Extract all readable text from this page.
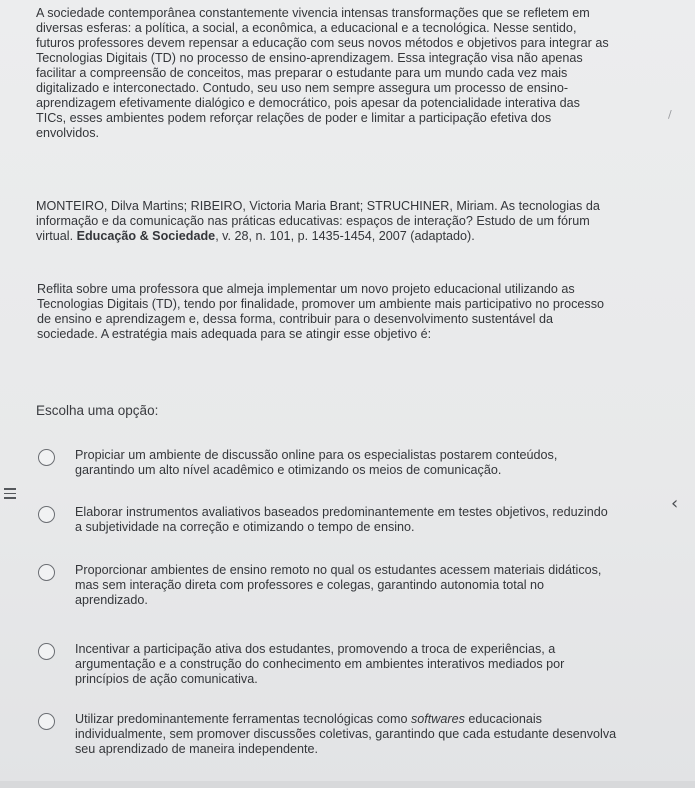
/
A sociedade contemporânea constantemente vivencia intensas transformações que se refletem em
diversas esferas: a política, a social, a econômica, a educacional e a tecnológica. Nesse sentido,
futuros professores devem repensar a educação com seus novos métodos e objetivos para integrar as
Tecnologias Digitais (TD) no processo de ensino-aprendizagem. Essa integração visa não apenas
facilitar a compreensão de conceitos, mas preparar o estudante para um mundo cada vez mais
digitalizado e interconectado. Contudo, seu uso nem sempre assegura um processo de ensino-
aprendizagem efetivamente dialógico e democrático, pois apesar da potencialidade interativa das
TICs, esses ambientes podem reforçar relações de poder e limitar a participação efetiva dos
envolvidos.
MONTEIRO, Dilva Martins; RIBEIRO, Victoria Maria Brant; STRUCHINER, Miriam. As tecnologias da
informação e da comunicação nas práticas educativas: espaços de interação? Estudo de um fórum
virtual. Educação & Sociedade, v. 28, n. 101, p. 1435-1454, 2007 (adaptado).
Reflita sobre uma professora que almeja implementar um novo projeto educacional utilizando as
Tecnologias Digitais (TD), tendo por finalidade, promover um ambiente mais participativo no processo
de ensino e aprendizagem e, dessa forma, contribuir para o desenvolvimento sustentável da
sociedade. A estratégia mais adequada para se atingir esse objetivo é:
Escolha uma opção:
‹
Propiciar um ambiente de discussão online para os especialistas postarem conteúdos,
garantindo um alto nível acadêmico e otimizando os meios de comunicação.
Elaborar instrumentos avaliativos baseados predominantemente em testes objetivos, reduzindo
a subjetividade na correção e otimizando o tempo de ensino.
Proporcionar ambientes de ensino remoto no qual os estudantes acessem materiais didáticos,
mas sem interação direta com professores e colegas, garantindo autonomia total no
aprendizado.
Incentivar a participação ativa dos estudantes, promovendo a troca de experiências, a
argumentação e a construção do conhecimento em ambientes interativos mediados por
princípios de ação comunicativa.
Utilizar predominantemente ferramentas tecnológicas como softwares educacionais
individualmente, sem promover discussões coletivas, garantindo que cada estudante desenvolva
seu aprendizado de maneira independente.
